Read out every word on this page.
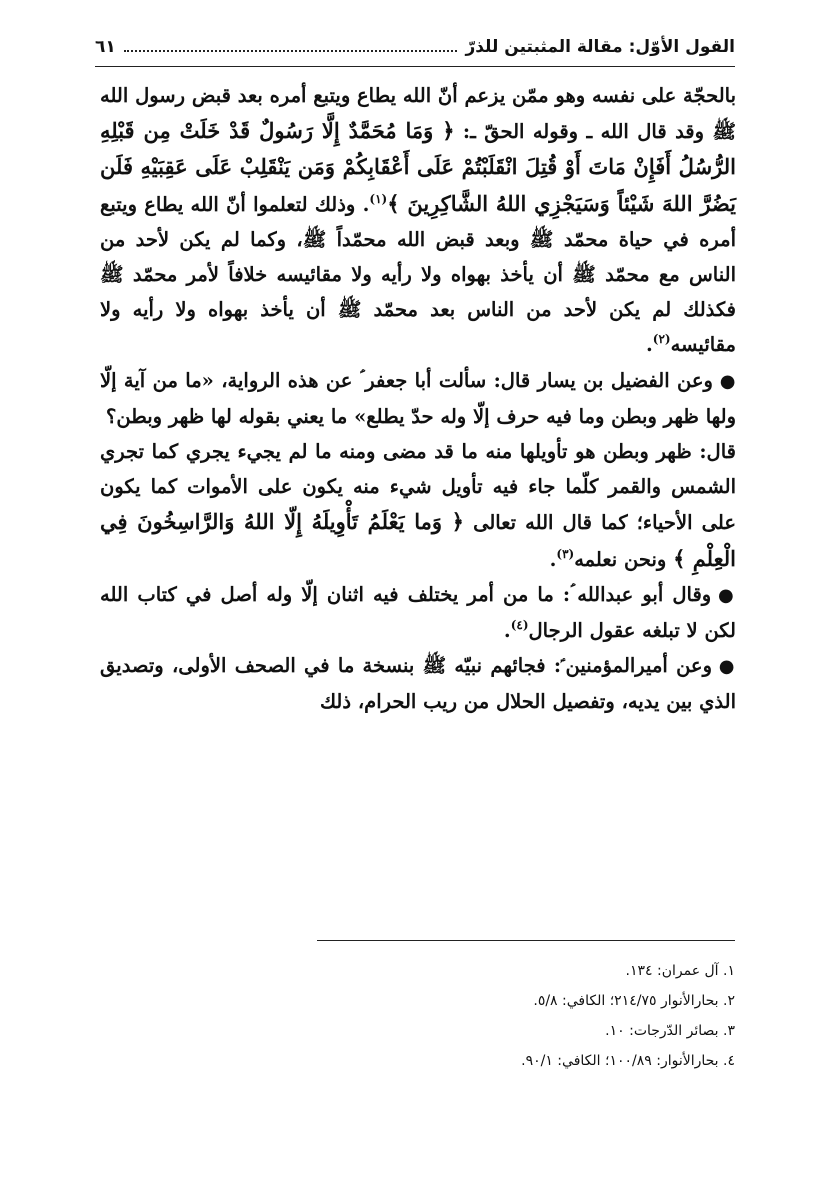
القول الأوّل: مقالة المثبتين للذرّ
٦١

بالحجّة على نفسه وهو ممّن يزعم أنّ الله يطاع ويتبع أمره بعد قبض رسول الله ﷺ وقد قال الله ـ وقوله الحقّ ـ: ﴿ وَمَا مُحَمَّدٌ إِلَّا رَسُولٌ قَدْ خَلَتْ مِن قَبْلِهِ الرُّسُلُ أَفَإِنْ مَاتَ أَوْ قُتِلَ انْقَلَبْتُمْ عَلَى أَعْقَابِكُمْ وَمَن يَنْقَلِبْ عَلَى عَقِبَيْهِ فَلَن يَضُرَّ اللهَ شَيْئاً وَسَيَجْزِي اللهُ الشَّاكِرِينَ ﴾$^{(١)}$. وذلك لتعلموا أنّ الله يطاع ويتبع أمره في حياة محمّد ﷺ وبعد قبض الله محمّداً ﷺ، وكما لم يكن لأحد من الناس مع محمّد ﷺ أن يأخذ بهواه ولا رأيه ولا مقائيسه خلافاً لأمر محمّد ﷺ فكذلك لم يكن لأحد من الناس بعد محمّد ﷺ أن يأخذ بهواه ولا رأيه ولا مقائيسه$^{(٢)}$.

● وعن الفضيل بن يسار قال: سألت أبا جعفر ؑ عن هذه الرواية، «ما من آية إلّا ولها ظهر وبطن وما فيه حرف إلّا وله حدّ يطلع» ما يعني بقوله لها ظهر وبطن؟

قال: ظهر وبطن هو تأويلها منه ما قد مضى ومنه ما لم يجيء يجري كما تجري الشمس والقمر كلّما جاء فيه تأويل شيء منه يكون على الأموات كما يكون على الأحياء؛ كما قال الله تعالى ﴿ وَما يَعْلَمُ تَأْوِيلَهُ إِلّا اللهُ وَالرَّاسِخُونَ فِي الْعِلْمِ ﴾ ونحن نعلمه$^{(٣)}$.

● وقال أبو عبدالله ؑ: ما من أمر يختلف فيه اثنان إلّا وله أصل في كتاب الله لكن لا تبلغه عقول الرجال$^{(٤)}$.

● وعن أميرالمؤمنين ؑ: فجائهم نبيّه ﷺ بنسخة ما في الصحف الأولى، وتصديق الذي بين يديه، وتفصيل الحلال من ريب الحرام، ذلك

١. آل عمران: ١٣٤.
٢. بحارالأنوار ٢١٤/٧٥؛ الكافي: ٥/٨.
٣. بصائر الدّرجات: ١٠.
٤. بحارالأنوار: ١٠٠/٨٩؛ الكافي: ٩٠/١.
